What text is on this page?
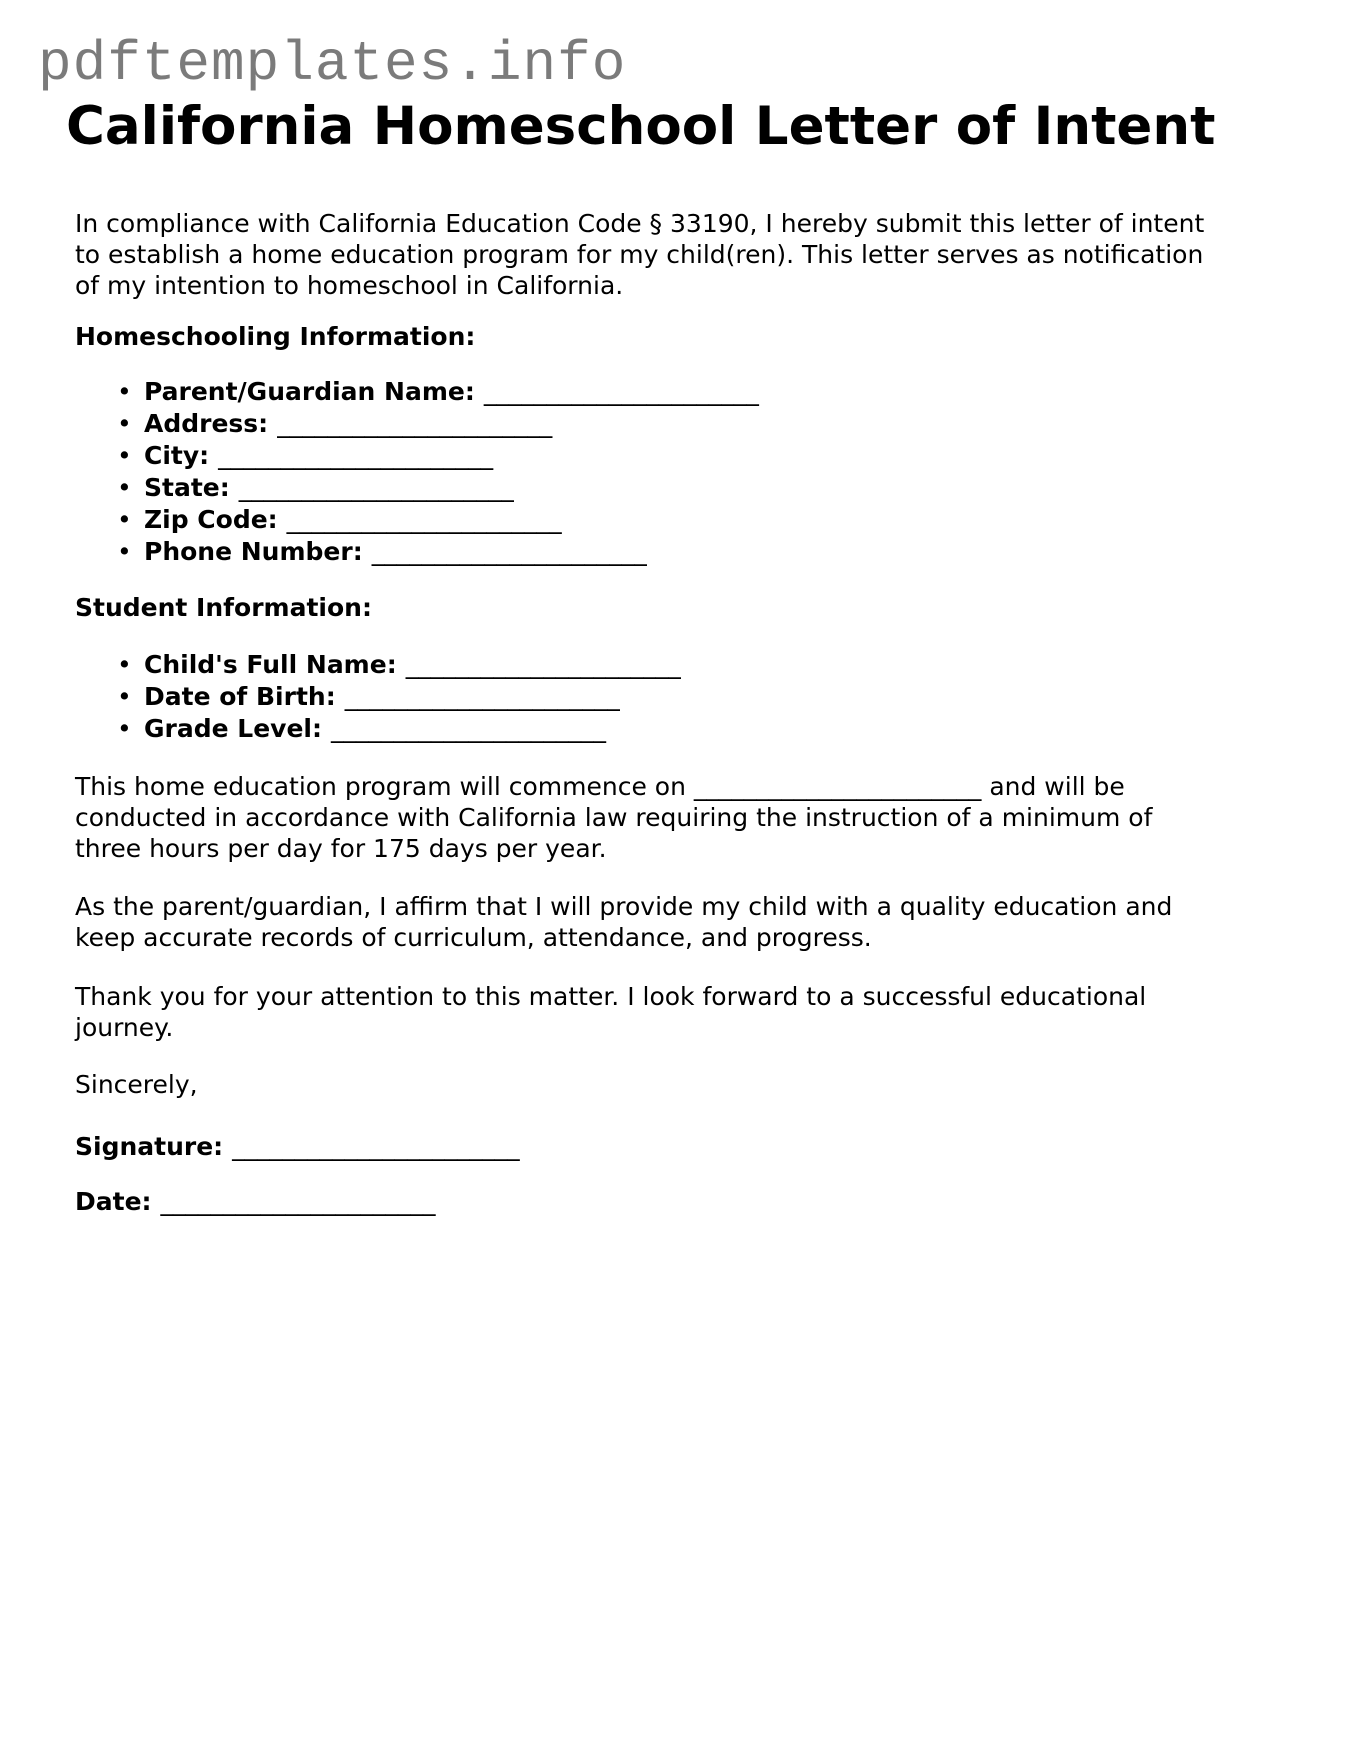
pdftemplates.info
California Homeschool Letter of Intent

In compliance with California Education Code § 33190, I hereby submit this letter of intent
to establish a home education program for my child(ren). This letter serves as notification
of my intention to homeschool in California.

Homeschooling Information:
• Parent/Guardian Name: ______________________
• Address: ______________________
• City: ______________________
• State: ______________________
• Zip Code: ______________________
• Phone Number: ______________________
Student Information:
• Child's Full Name: ______________________
• Date of Birth: ______________________
• Grade Level: ______________________

This home education program will commence on _______________________ and will be
conducted in accordance with California law requiring the instruction of a minimum of
three hours per day for 175 days per year.

As the parent/guardian, I affirm that I will provide my child with a quality education and
keep accurate records of curriculum, attendance, and progress.

Thank you for your attention to this matter. I look forward to a successful educational
journey.

Sincerely,

Signature: _______________________

Date: ______________________
